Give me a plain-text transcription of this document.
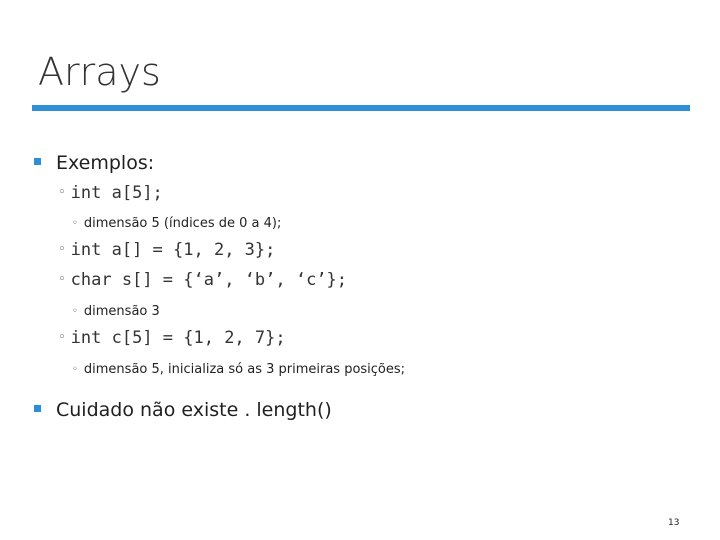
Arrays
Exemplos:
◦ int a[5];
◦ dimensão 5 (índices de 0 a 4);
◦ int a[] = {1, 2, 3};
◦ char s[] = {‘a’, ‘b’, ‘c’};
◦ dimensão 3
◦ int c[5] = {1, 2, 7};
◦ dimensão 5, inicializa só as 3 primeiras posições;
Cuidado não existe . length()
13
